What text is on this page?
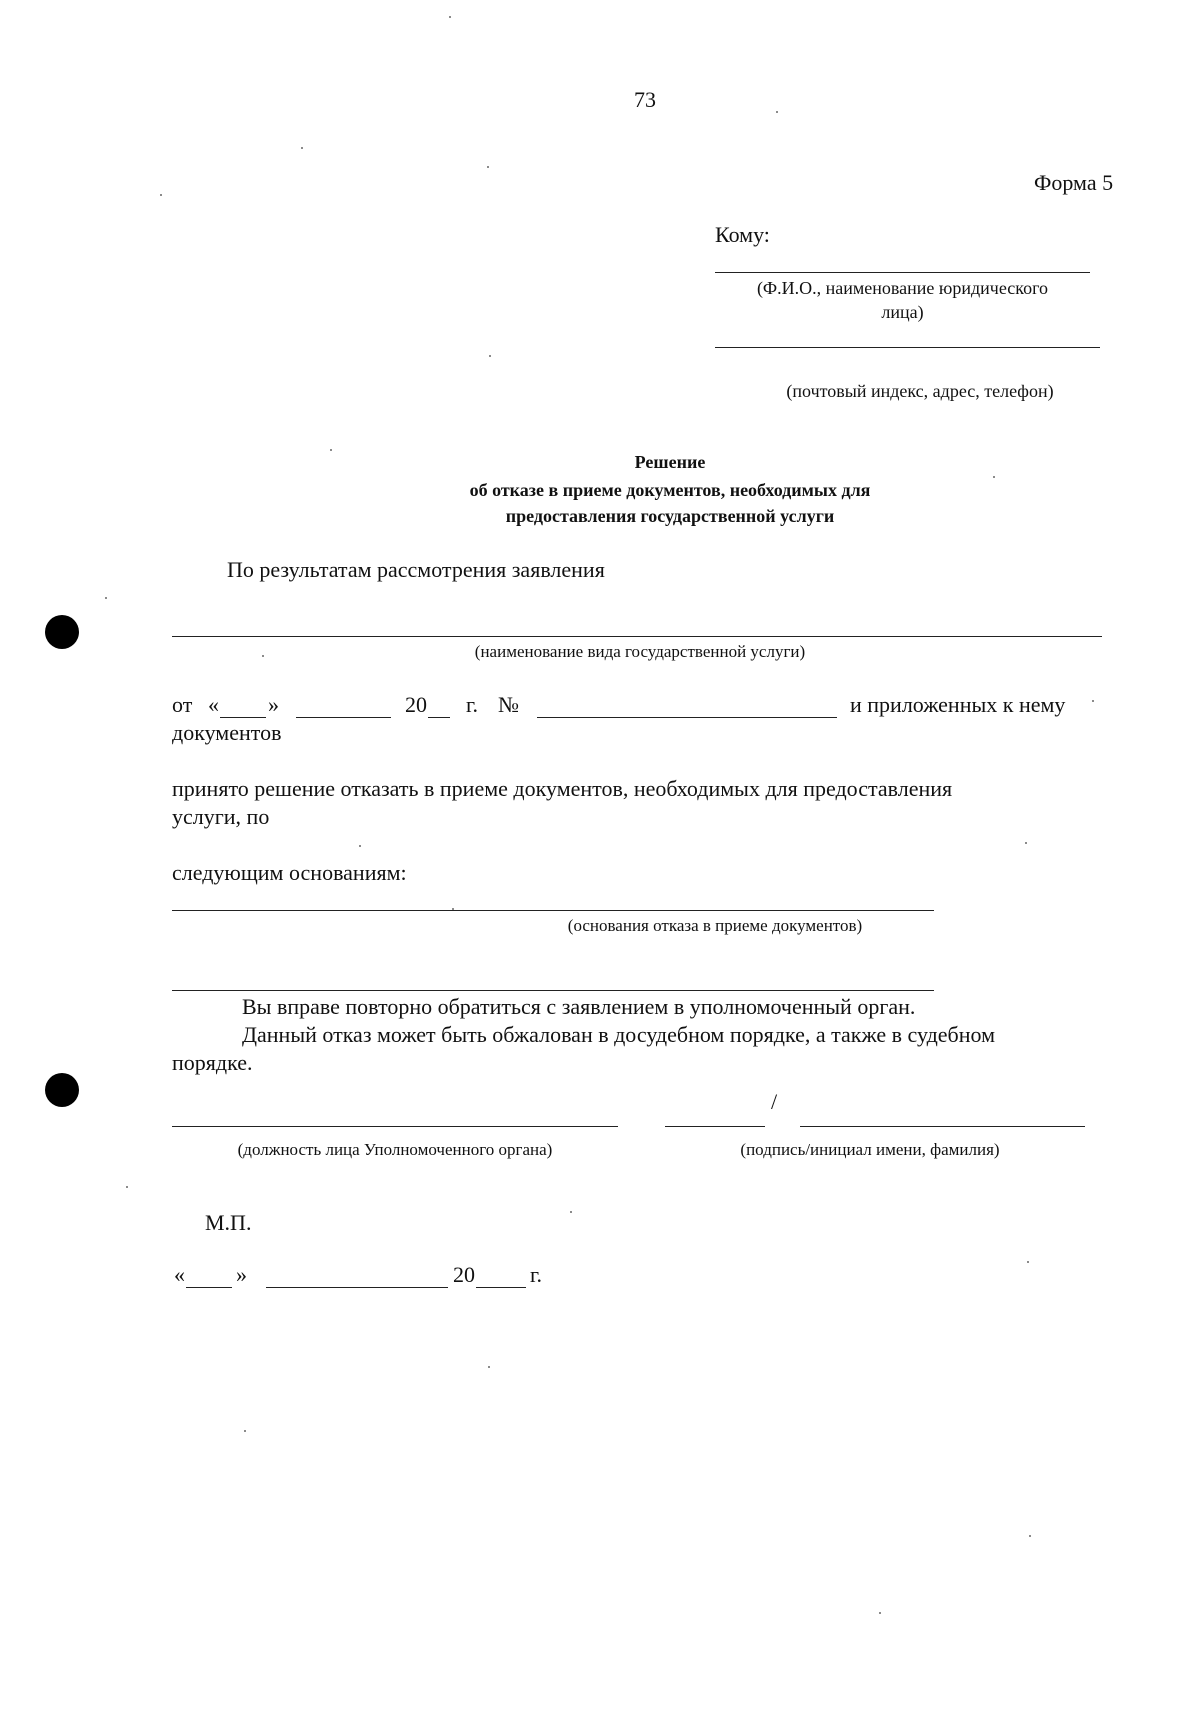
73
Форма 5
Кому:
(Ф.И.О., наименование юридического
лица)
(почтовый индекс, адрес, телефон)
Решение
об отказе в приеме документов, необходимых для
предоставления государственной услуги
По результатам рассмотрения заявления
(наименование вида государственной услуги)
от « »	20 г. №	и приложенных к нему
документов
принято решение отказать в приеме документов, необходимых для предоставления
услуги, по
следующим основаниям:
(основания отказа в приеме документов)
Вы вправе повторно обратиться с заявлением в уполномоченный орган.
Данный отказ может быть обжалован в досудебном порядке, а также в судебном
порядке.
/
(должность лица Уполномоченного органа)	(подпись/инициал имени, фамилия)
М.П.
« »	20	г.
